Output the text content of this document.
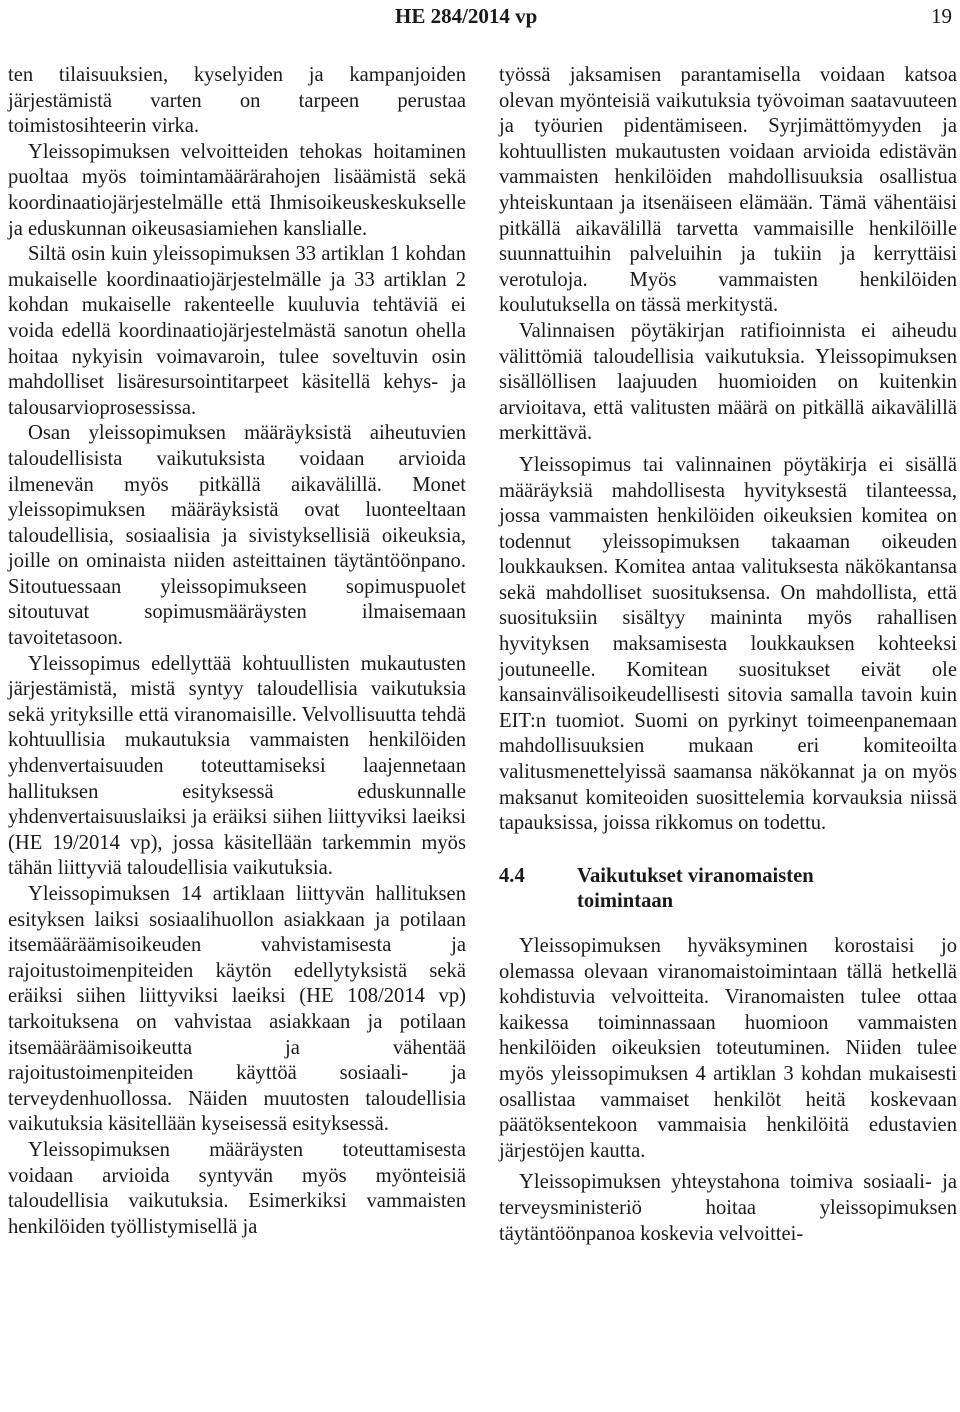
HE 284/2014 vp	19

ten tilaisuuksien, kyselyiden ja kampanjoiden järjestämistä varten on tarpeen perustaa toimistosihteerin virka.

Yleissopimuksen velvoitteiden tehokas hoitaminen puoltaa myös toimintamäärärahojen lisäämistä sekä koordinaatiojärjestelmälle että Ihmisoikeuskeskukselle ja eduskunnan oikeusasiamiehen kanslialle.

Siltä osin kuin yleissopimuksen 33 artiklan 1 kohdan mukaiselle koordinaatiojärjestelmälle ja 33 artiklan 2 kohdan mukaiselle rakenteelle kuuluvia tehtäviä ei voida edellä koordinaatiojärjestelmästä sanotun ohella hoitaa nykyisin voimavaroin, tulee soveltuvin osin mahdolliset lisäresursointitarpeet käsitellä kehys- ja talousarvioprosessissa.

Osan yleissopimuksen määräyksistä aiheutuvien taloudellisista vaikutuksista voidaan arvioida ilmenevän myös pitkällä aikavälillä. Monet yleissopimuksen määräyksistä ovat luonteeltaan taloudellisia, sosiaalisia ja sivistyksellisiä oikeuksia, joille on ominaista niiden asteittainen täytäntöönpano. Sitoutuessaan yleissopimukseen sopimuspuolet sitoutuvat sopimusmääräysten ilmaisemaan tavoitetasoon.

Yleissopimus edellyttää kohtuullisten mukautusten järjestämistä, mistä syntyy taloudellisia vaikutuksia sekä yrityksille että viranomaisille. Velvollisuutta tehdä kohtuullisia mukautuksia vammaisten henkilöiden yhdenvertaisuuden toteuttamiseksi laajennetaan hallituksen esityksessä eduskunnalle yhdenvertaisuuslaiksi ja eräiksi siihen liittyviksi laeiksi (HE 19/2014 vp), jossa käsitellään tarkemmin myös tähän liittyviä taloudellisia vaikutuksia.

Yleissopimuksen 14 artiklaan liittyvän hallituksen esityksen laiksi sosiaalihuollon asiakkaan ja potilaan itsemääräämisoikeuden vahvistamisesta ja rajoitustoimenpiteiden käytön edellytyksistä sekä eräiksi siihen liittyviksi laeiksi (HE 108/2014 vp) tarkoituksena on vahvistaa asiakkaan ja potilaan itsemääräämisoikeutta ja vähentää rajoitustoimenpiteiden käyttöä sosiaali- ja terveydenhuollossa. Näiden muutosten taloudellisia vaikutuksia käsitellään kyseisessä esityksessä.

Yleissopimuksen määräysten toteuttamisesta voidaan arvioida syntyvän myös myönteisiä taloudellisia vaikutuksia. Esimerkiksi vammaisten henkilöiden työllistymisellä ja

työssä jaksamisen parantamisella voidaan katsoa olevan myönteisiä vaikutuksia työvoiman saatavuuteen ja työurien pidentämiseen. Syrjimättömyyden ja kohtuullisten mukautusten voidaan arvioida edistävän vammaisten henkilöiden mahdollisuuksia osallistua yhteiskuntaan ja itsenäiseen elämään. Tämä vähentäisi pitkällä aikavälillä tarvetta vammaisille henkilöille suunnattuihin palveluihin ja tukiin ja kerryttäisi verotuloja. Myös vammaisten henkilöiden koulutuksella on tässä merkitystä.

Valinnaisen pöytäkirjan ratifioinnista ei aiheudu välittömiä taloudellisia vaikutuksia. Yleissopimuksen sisällöllisen laajuuden huomioiden on kuitenkin arvioitava, että valitusten määrä on pitkällä aikavälillä merkittävä.

Yleissopimus tai valinnainen pöytäkirja ei sisällä määräyksiä mahdollisesta hyvityksestä tilanteessa, jossa vammaisten henkilöiden oikeuksien komitea on todennut yleissopimuksen takaaman oikeuden loukkauksen. Komitea antaa valituksesta näkökantansa sekä mahdolliset suosituksensa. On mahdollista, että suosituksiin sisältyy maininta myös rahallisen hyvityksen maksamisesta loukkauksen kohteeksi joutuneelle. Komitean suositukset eivät ole kansainvälisoikeudellisesti sitovia samalla tavoin kuin EIT:n tuomiot. Suomi on pyrkinyt toimeenpanemaan mahdollisuuksien mukaan eri komiteoilta valitusmenettelyissä saamansa näkökannat ja on myös maksanut komiteoiden suosittelemia korvauksia niissä tapauksissa, joissa rikkomus on todettu.

4.4	Vaikutukset viranomaisten toimintaan

Yleissopimuksen hyväksyminen korostaisi jo olemassa olevaan viranomaistoimintaan tällä hetkellä kohdistuvia velvoitteita. Viranomaisten tulee ottaa kaikessa toiminnassaan huomioon vammaisten henkilöiden oikeuksien toteutuminen. Niiden tulee myös yleissopimuksen 4 artiklan 3 kohdan mukaisesti osallistaa vammaiset henkilöt heitä koskevaan päätöksentekoon vammaisia henkilöitä edustavien järjestöjen kautta.

Yleissopimuksen yhteystahona toimiva sosiaali- ja terveysministeriö hoitaa yleissopimuksen täytäntöönpanoa koskevia velvoittei-
